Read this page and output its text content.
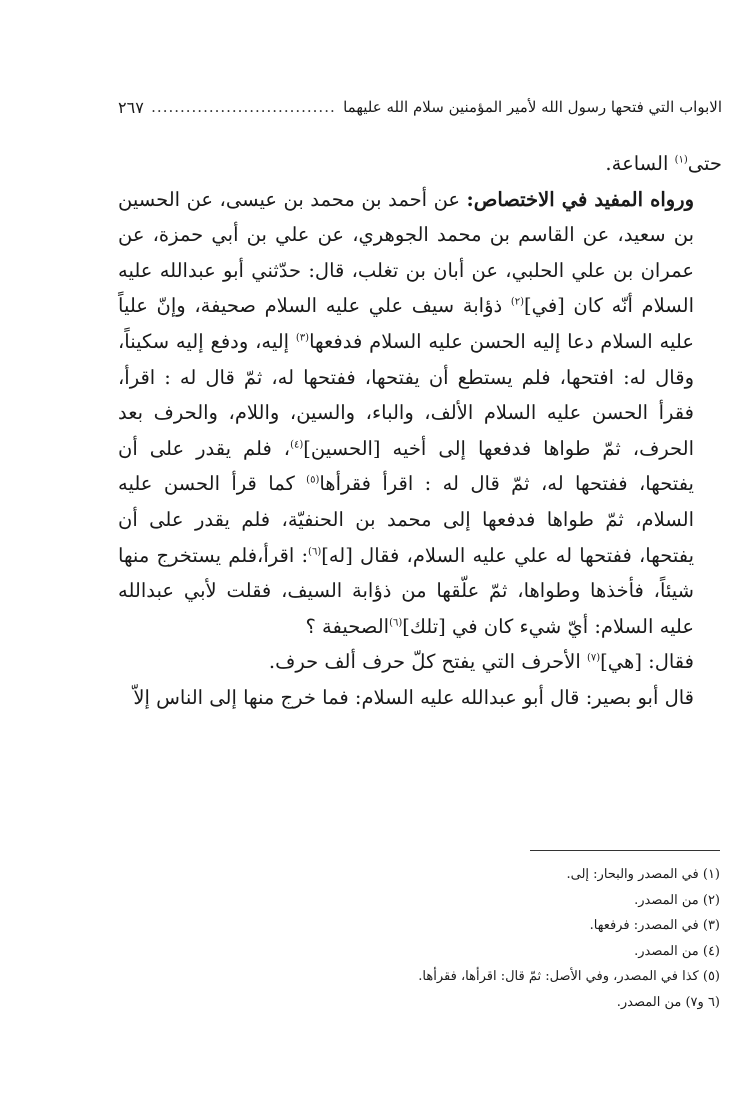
الابواب التي فتحها رسول الله لأمير المؤمنين سلام الله عليهما
................................
٢٦٧

حتى$^{(١)}$ الساعة.

ورواه المفيد في الاختصاص: عن أحمد بن محمد بن عيسى، عن الحسين بن سعيد، عن القاسم بن محمد الجوهري، عن علي بن أبي حمزة، عن عمران بن علي الحلبي، عن أبان بن تغلب، قال: حدّثني أبو عبدالله عليه السلام أنّه كان [في]$^{(٢)}$ ذؤابة سيف علي عليه السلام صحيفة، وإنّ علياً عليه السلام دعا إليه الحسن عليه السلام فدفعها$^{(٣)}$ إليه، ودفع إليه سكيناً، وقال له: افتحها، فلم يستطع أن يفتحها، ففتحها له، ثمّ قال له : اقرأ، فقرأ الحسن عليه السلام الألف، والباء، والسين، واللام، والحرف بعد الحرف، ثمّ طواها فدفعها إلى أخيه [الحسين]$^{(٤)}$، فلم يقدر على أن يفتحها، ففتحها له، ثمّ قال له : اقرأ فقرأها$^{(٥)}$ كما قرأ الحسن عليه السلام، ثمّ طواها فدفعها إلى محمد بن الحنفيّة، فلم يقدر على أن يفتحها، ففتحها له علي عليه السلام، فقال [له]$^{(٦)}$: اقرأ،فلم يستخرج منها شيئاً، فأخذها وطواها، ثمّ علّقها من ذؤابة السيف، فقلت لأبي عبدالله عليه السلام: أيّ شيء كان في [تلك]$^{(٦)}$الصحيفة ؟

فقال: [هي]$^{(٧)}$ الأحرف التي يفتح كلّ حرف ألف حرف.

قال أبو بصير: قال أبو عبدالله عليه السلام: فما خرج منها إلى الناس إلاّ

(١) في المصدر والبحار: إلى.

(٢) من المصدر.

(٣) في المصدر: فرفعها.

(٤) من المصدر.

(٥) كذا في المصدر، وفي الأصل: ثمّ قال: اقرأها، فقرأها.

(٦ و٧) من المصدر.
